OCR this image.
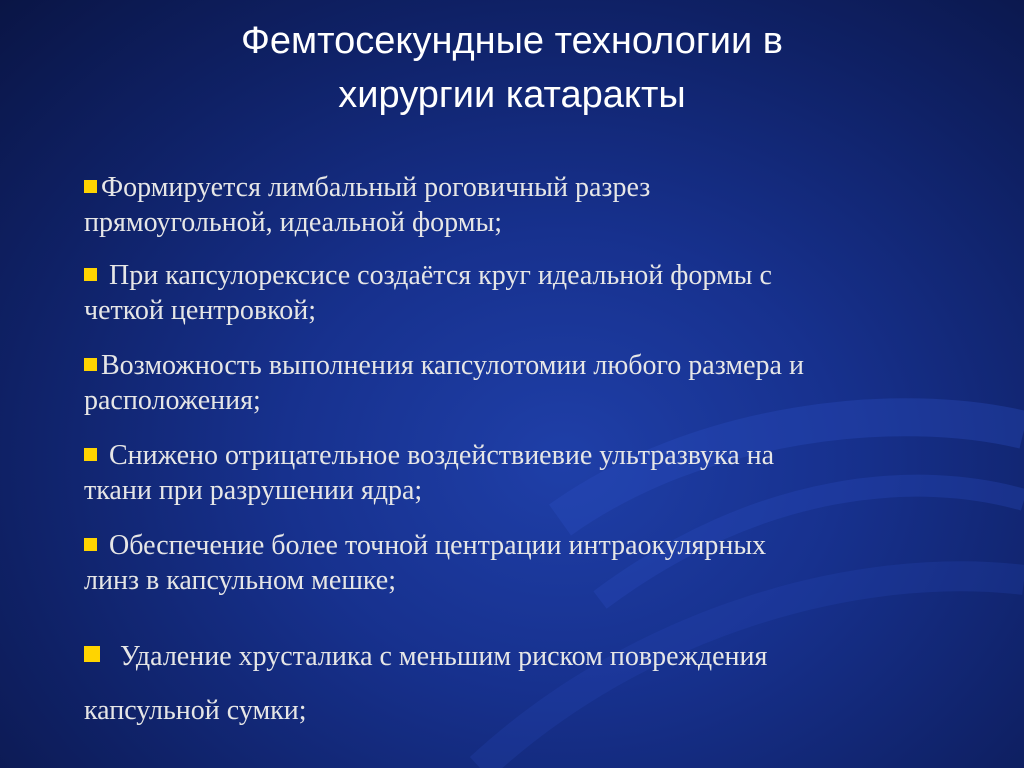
Фемтосекундные технологии в
хирургии катаракты
Формируется лимбальный роговичный разрез
прямоугольной, идеальной формы;
При капсулорексисе создаётся круг идеальной формы с
четкой центровкой;
Возможность выполнения капсулотомии любого размера и
расположения;
Снижено отрицательное воздействиевие ультразвука на
ткани при разрушении ядра;
Обеспечение более точной центрации интраокулярных
линз в капсульном мешке;
Удаление хрусталика с меньшим риском повреждения
капсульной сумки;
